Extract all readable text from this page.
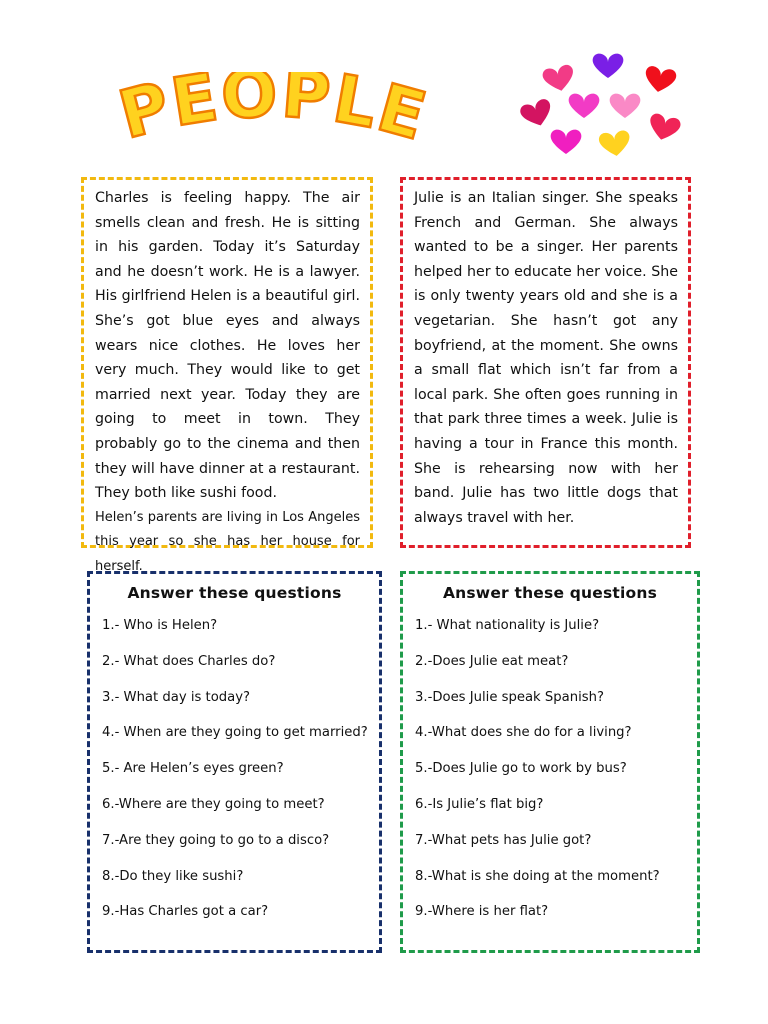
PEOPLE

Charles is feeling happy. The air smells clean and fresh. He is sitting in his garden. Today it’s Saturday and he doesn’t work. He is a lawyer. His girlfriend Helen is a beautiful girl. She’s got blue eyes and always wears nice clothes. He loves her very much. They would like to get married next year. Today they are going to meet in town. They probably go to the cinema and then they will have dinner at a restaurant. They both like sushi food.

Helen’s parents are living in Los Angeles this year so she has her house for herself.

Julie is an Italian singer. She speaks French and German. She always wanted to be a singer. Her parents helped her to educate her voice. She is only twenty years old and she is a vegetarian. She hasn’t got any boyfriend, at the moment. She owns a small flat which isn’t far from a local park. She often goes running in that park three times a week. Julie is having a tour in France this month. She is rehearsing now with her band. Julie has two little dogs that always travel with her.

Answer these questions
1.- Who is Helen?
2.- What does Charles do?
3.- What day is today?
4.- When are they going to get married?
5.- Are Helen’s eyes green?
6.-Where are they going to meet?
7.-Are they going to go to a disco?
8.-Do they like sushi?
9.-Has Charles got a car?
Answer these questions
1.- What nationality is Julie?
2.-Does Julie eat meat?
3.-Does Julie speak Spanish?
4.-What does she do for a living?
5.-Does Julie go to work by bus?
6.-Is Julie’s flat big?
7.-What pets has Julie got?
8.-What is she doing at the moment?
9.-Where is her flat?
